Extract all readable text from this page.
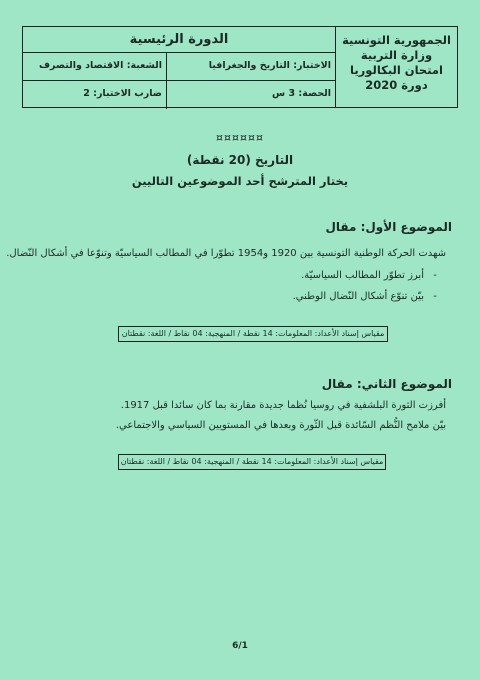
الجمهورية التونسية
وزارة التربية
امتحان البكالوريا
دورة 2020
الدورة الرئيسية
الاختبار: التاريخ والجغرافيا
الشعبة: الاقتصاد والتصرف
الحصة: 3 س
ضارب الاختبار: 2
¤¤¤¤¤¤
التاريخ (20 نقطة)
يختار المترشح أحد الموضوعين التاليين
الموضوع الأول: مقال
شهدت الحركة الوطنية التونسية بين 1920 و1954 تطوّرا في المطالب السياسيّة وتنوّعا في أشكال النّضال.
-أبرز تطوّر المطالب السياسيّة.
-بيّن تنوّع أشكال النّضال الوطني.
مقياس إسناد الأعداد: المعلومات: 14 نقطة / المنهجية: 04 نقاط / اللغة: نقطتان
الموضوع الثاني: مقال
أفرزت الثورة البلشفية في روسيا نُظما جديدة مقارنة بما كان سائدا قبل 1917.
بيّن ملامح النُّظم السّائدة قبل الثّورة وبعدها في المستويين السياسي والاجتماعي.
مقياس إسناد الأعداد: المعلومات: 14 نقطة / المنهجية: 04 نقاط / اللغة: نقطتان
6/1
